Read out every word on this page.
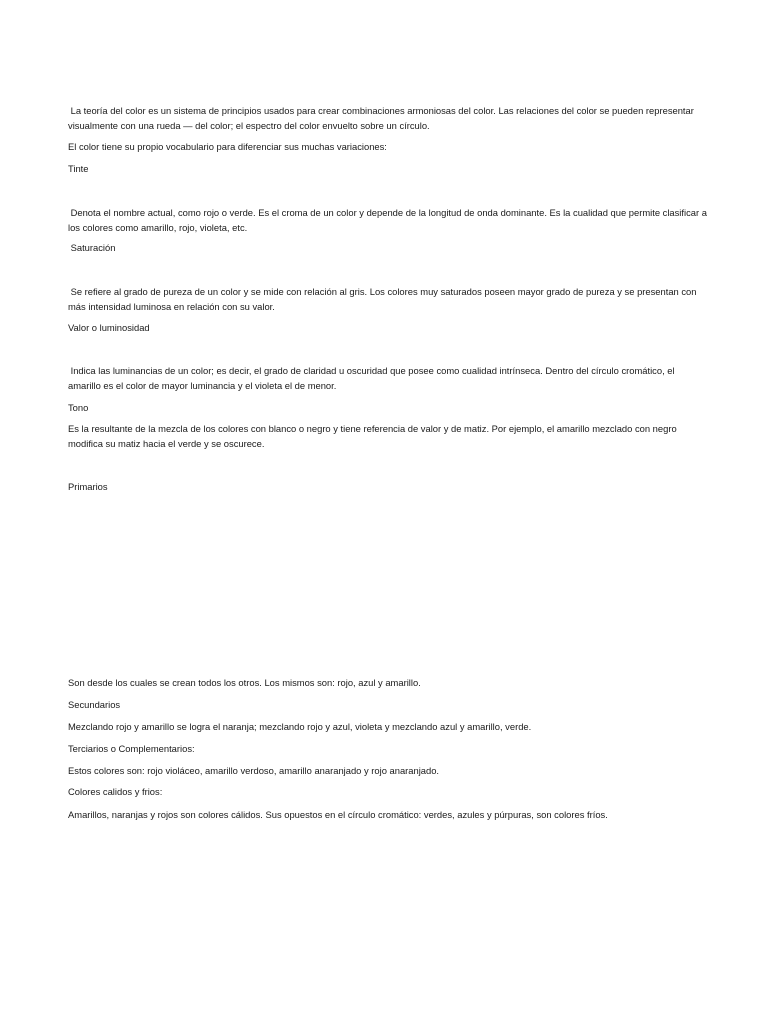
La teoría del color es un sistema de principios usados para crear combinaciones armoniosas del color. Las relaciones del color se pueden representar visualmente con una rueda — del color; el espectro del color envuelto sobre un círculo.

El color tiene su propio vocabulario para diferenciar sus muchas variaciones:

Tinte

Denota el nombre actual, como rojo o verde. Es el croma de un color y depende de la longitud de onda dominante. Es la cualidad que permite clasificar a los colores como amarillo, rojo, violeta, etc.

Saturación

Se refiere al grado de pureza de un color y se mide con relación al gris. Los colores muy saturados poseen mayor grado de pureza y se presentan con más intensidad luminosa en relación con su valor.

Valor o luminosidad

Indica las luminancias de un color; es decir, el grado de claridad u oscuridad que posee como cualidad intrínseca. Dentro del círculo cromático, el amarillo es el color de mayor luminancia y el violeta el de menor.

Tono

Es la resultante de la mezcla de los colores con blanco o negro y tiene referencia de valor y de matiz. Por ejemplo, el amarillo mezclado con negro modifica su matiz hacia el verde y se oscurece.

Primarios

Son desde los cuales se crean todos los otros. Los mismos son: rojo, azul y amarillo.

Secundarios

Mezclando rojo y amarillo se logra el naranja; mezclando rojo y azul, violeta y mezclando azul y amarillo, verde.

Terciarios o Complementarios:

Estos colores son: rojo violáceo, amarillo verdoso, amarillo anaranjado y rojo anaranjado.

Colores calidos y frios:

Amarillos, naranjas y rojos son colores cálidos. Sus opuestos en el círculo cromático: verdes, azules y púrpuras, son colores fríos.
